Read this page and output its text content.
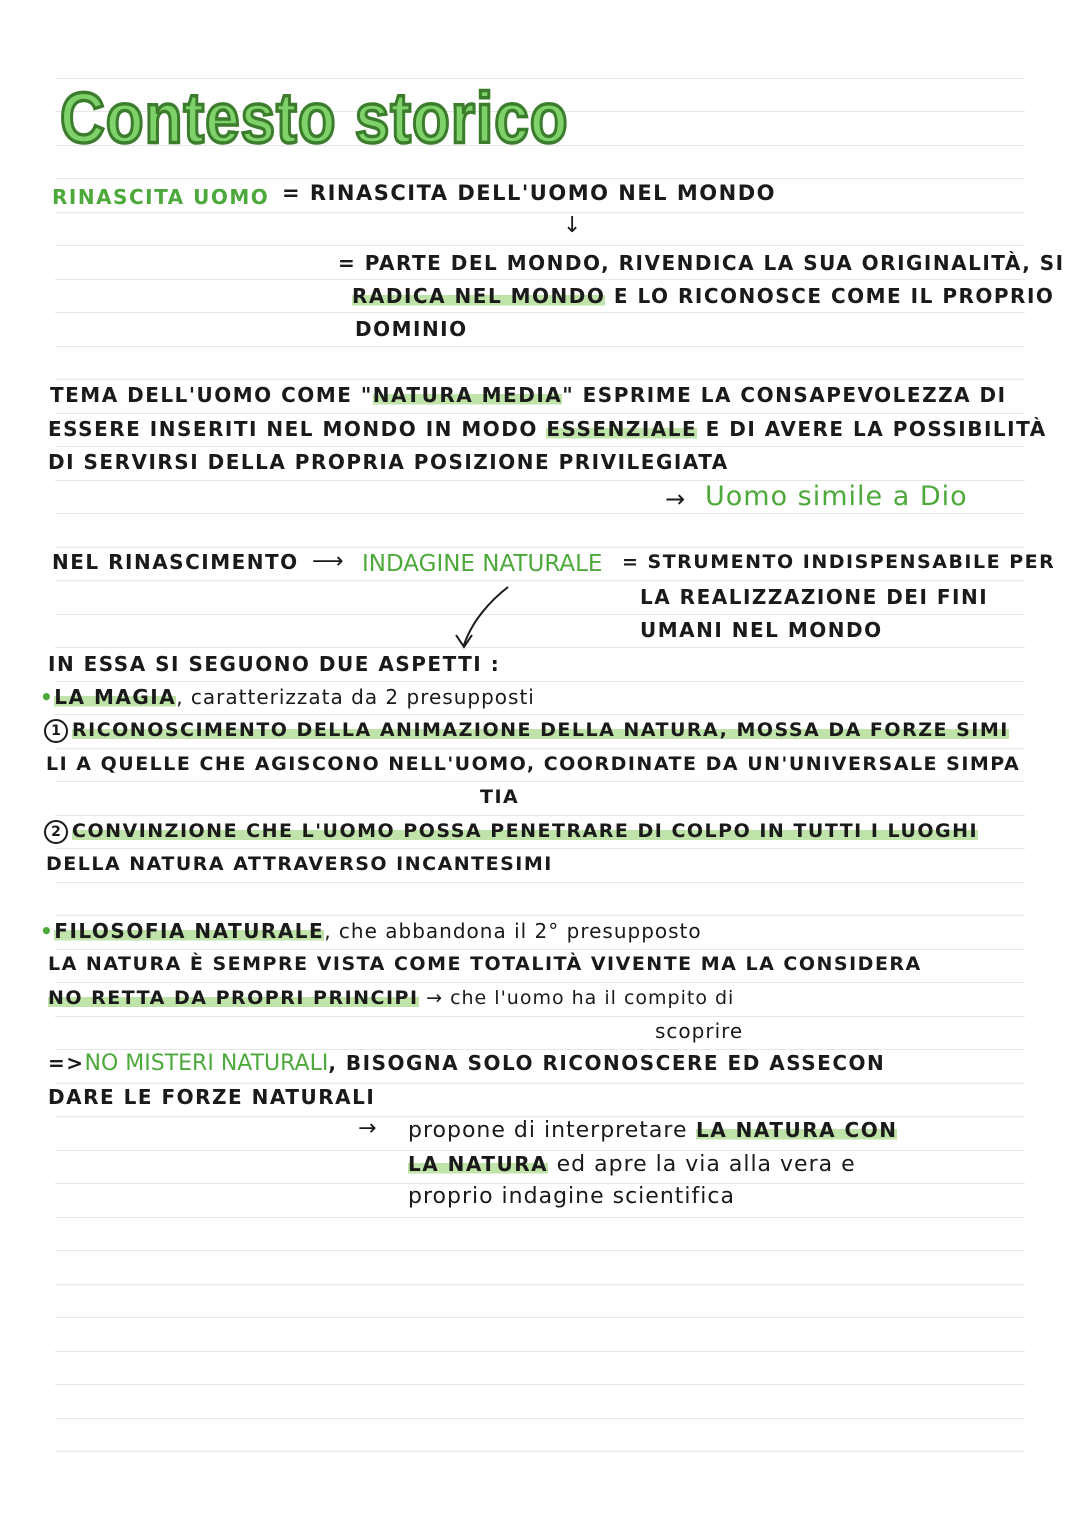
Contesto storico
RINASCITA UOMO = RINASCITA DELL'UOMO NEL MONDO
↓
= PARTE DEL MONDO, RIVENDICA LA SUA ORIGINALITÀ, SI
RADICA NEL MONDO E LO RICONOSCE COME IL PROPRIO
DOMINIO
TEMA DELL'UOMO COME "NATURA MEDIA" ESPRIME LA CONSAPEVOLEZZA DI
ESSERE INSERITI NEL MONDO IN MODO ESSENZIALE E DI AVERE LA POSSIBILITÀ
DI SERVIRSI DELLA PROPRIA POSIZIONE PRIVILEGIATA
→ Uomo simile a Dio
NEL RINASCIMENTO ⟶ INDAGINE NATURALE = STRUMENTO INDISPENSABILE PER
LA REALIZZAZIONE DEI FINI
UMANI NEL MONDO
IN ESSA SI SEGUONO DUE ASPETTI :
•LA MAGIA, caratterizzata da 2 presupposti
1 RICONOSCIMENTO DELLA ANIMAZIONE DELLA NATURA, MOSSA DA FORZE SIMI
LI A QUELLE CHE AGISCONO NELL'UOMO, COORDINATE DA UN'UNIVERSALE SIMPA
TIA
2 CONVINZIONE CHE L'UOMO POSSA PENETRARE DI COLPO IN TUTTI I LUOGHI
DELLA NATURA ATTRAVERSO INCANTESIMI
•FILOSOFIA NATURALE, che abbandona il 2° presupposto
LA NATURA È SEMPRE VISTA COME TOTALITÀ VIVENTE MA LA CONSIDERA
NO RETTA DA PROPRI PRINCIPI → che l'uomo ha il compito di
scoprire
=>NO MISTERI NATURALI, BISOGNA SOLO RICONOSCERE ED ASSECON
DARE LE FORZE NATURALI
→ propone di interpretare LA NATURA CON
LA NATURA ed apre la via alla vera e
proprio indagine scientifica
